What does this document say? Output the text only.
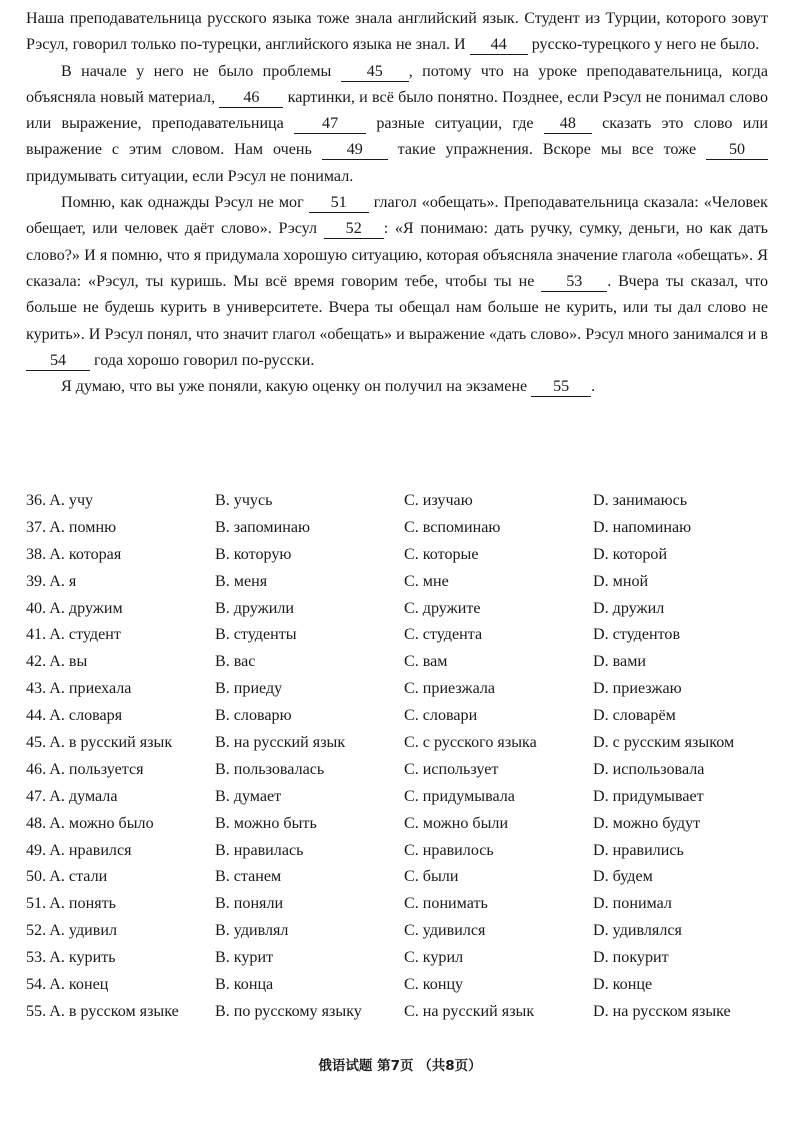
Наша преподавательница русского языка тоже знала английский язык. Студент из Турции, которого зовут Рэсул, говорил только по-турецки, английского языка не знал. И 44 русско-турецкого у него не было.

В начале у него не было проблемы 45 , потому что на уроке преподавательница, когда объясняла новый материал, 46 картинки, и всё было понятно. Позднее, если Рэсул не понимал слово или выражение, преподавательница 47 разные ситуации, где 48 сказать это слово или выражение с этим словом. Нам очень 49 такие упражнения. Вскоре мы все тоже 50 придумывать ситуации, если Рэсул не понимал.

Помню, как однажды Рэсул не мог 51 глагол «обещать». Преподавательница сказала: «Человек обещает, или человек даёт слово». Рэсул 52 : «Я понимаю: дать ручку, сумку, деньги, но как дать слово?» И я помню, что я придумала хорошую ситуацию, которая объясняла значение глагола «обещать». Я сказала: «Рэсул, ты куришь. Мы всё время говорим тебе, чтобы ты не 53 . Вчера ты сказал, что больше не будешь курить в университете. Вчера ты обещал нам больше не курить, или ты дал слово не курить». И Рэсул понял, что значит глагол «обещать» и выражение «дать слово». Рэсул много занимался и в 54 года хорошо говорил по-русски.

Я думаю, что вы уже поняли, какую оценку он получил на экзамене 55 .

36. A. учу	B. учусь	C. изучаю	D. занимаюсь
37. A. помню	B. запоминаю	C. вспоминаю	D. напоминаю
38. A. которая	B. которую	C. которые	D. которой
39. A. я	B. меня	C. мне	D. мной
40. A. дружим	B. дружили	C. дружите	D. дружил
41. A. студент	B. студенты	C. студента	D. студентов
42. A. вы	B. вас	C. вам	D. вами
43. A. приехала	B. приеду	C. приезжала	D. приезжаю
44. A. словаря	B. словарю	C. словари	D. словарём
45. A. в русский язык	B. на русский язык	C. с русского языка	D. с русским языком
46. A. пользуется	B. пользовалась	C. использует	D. использовала
47. A. думала	B. думает	C. придумывала	D. придумывает
48. A. можно было	B. можно быть	C. можно были	D. можно будут
49. A. нравился	B. нравилась	C. нравилось	D. нравились
50. A. стали	B. станем	C. были	D. будем
51. A. понять	B. поняли	C. понимать	D. понимал
52. A. удивил	B. удивлял	C. удивился	D. удивлялся
53. A. курить	B. курит	C. курил	D. покурит
54. A. конец	B. конца	C. концу	D. конце
55. A. в русском языке B. по русскому языку	C. на русский язык	D. на русском языке
俄语试题 第7页 （共8页）
